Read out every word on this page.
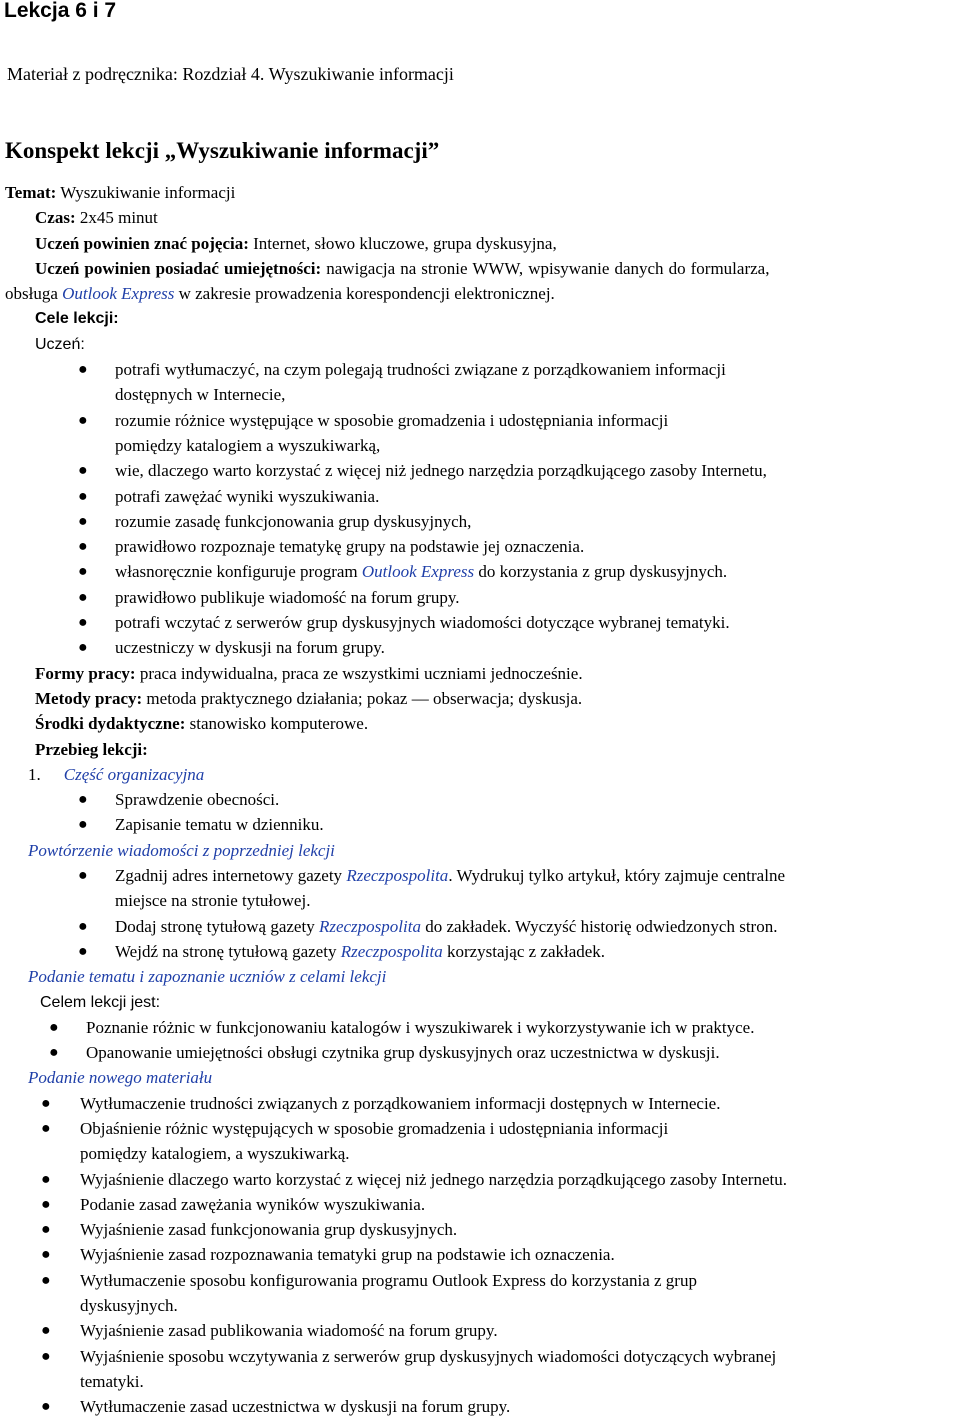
Lekcja 6 i 7

Materiał z podręcznika: Rozdział 4. Wyszukiwanie informacji

Konspekt lekcji „Wyszukiwanie informacji”
Temat: Wyszukiwanie informacji
Czas: 2x45 minut
Uczeń powinien znać pojęcia: Internet, słowo kluczowe, grupa dyskusyjna,
Uczeń powinien posiadać umiejętności: nawigacja na stronie WWW, wpisywanie danych do formularza,
obsługa Outlook Express w zakresie prowadzenia korespondencji elektronicznej.
Cele lekcji:
Uczeń:
● potrafi wytłumaczyć, na czym polegają trudności związane z porządkowaniem informacji
dostępnych w Internecie,
● rozumie różnice występujące w sposobie gromadzenia i udostępniania informacji
pomiędzy katalogiem a wyszukiwarką,
● wie, dlaczego warto korzystać z więcej niż jednego narzędzia porządkującego zasoby Internetu,
● potrafi zawężać wyniki wyszukiwania.
● rozumie zasadę funkcjonowania grup dyskusyjnych,
● prawidłowo rozpoznaje tematykę grupy na podstawie jej oznaczenia.
● własnoręcznie konfiguruje program Outlook Express do korzystania z grup dyskusyjnych.
● prawidłowo publikuje wiadomość na forum grupy.
● potrafi wczytać z serwerów grup dyskusyjnych wiadomości dotyczące wybranej tematyki.
● uczestniczy w dyskusji na forum grupy.
Formy pracy: praca indywidualna, praca ze wszystkimi uczniami jednocześnie.
Metody pracy: metoda praktycznego działania; pokaz — obserwacja; dyskusja.
Środki dydaktyczne: stanowisko komputerowe.
Przebieg lekcji:
1. Część organizacyjna
● Sprawdzenie obecności.
● Zapisanie tematu w dzienniku.
Powtórzenie wiadomości z poprzedniej lekcji
● Zgadnij adres internetowy gazety Rzeczpospolita. Wydrukuj tylko artykuł, który zajmuje centralne
miejsce na stronie tytułowej.
● Dodaj stronę tytułową gazety Rzeczpospolita do zakładek. Wyczyść historię odwiedzonych stron.
● Wejdź na stronę tytułową gazety Rzeczpospolita korzystając z zakładek.
Podanie tematu i zapoznanie uczniów z celami lekcji
Celem lekcji jest:
● Poznanie różnic w funkcjonowaniu katalogów i wyszukiwarek i wykorzystywanie ich w praktyce.
● Opanowanie umiejętności obsługi czytnika grup dyskusyjnych oraz uczestnictwa w dyskusji.
Podanie nowego materiału
● Wytłumaczenie trudności związanych z porządkowaniem informacji dostępnych w Internecie.
● Objaśnienie różnic występujących w sposobie gromadzenia i udostępniania informacji
pomiędzy katalogiem, a wyszukiwarką.
● Wyjaśnienie dlaczego warto korzystać z więcej niż jednego narzędzia porządkującego zasoby Internetu.
● Podanie zasad zawężania wyników wyszukiwania.
● Wyjaśnienie zasad funkcjonowania grup dyskusyjnych.
● Wyjaśnienie zasad rozpoznawania tematyki grup na podstawie ich oznaczenia.
● Wytłumaczenie sposobu konfigurowania programu Outlook Express do korzystania z grup
dyskusyjnych.
● Wyjaśnienie zasad publikowania wiadomość na forum grupy.
● Wyjaśnienie sposobu wczytywania z serwerów grup dyskusyjnych wiadomości dotyczących wybranej
tematyki.
● Wytłumaczenie zasad uczestnictwa w dyskusji na forum grupy.
